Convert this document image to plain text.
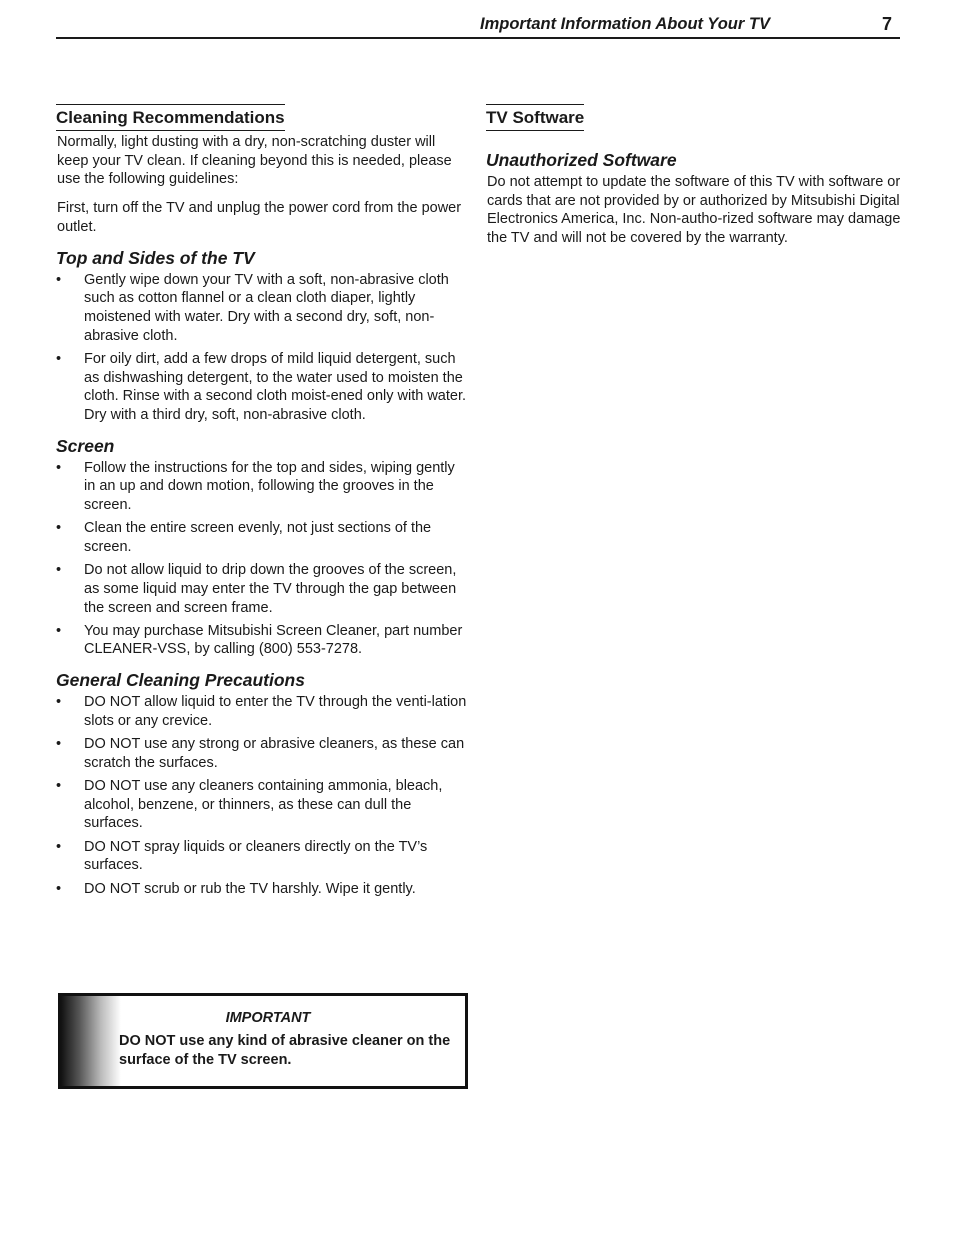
Important Information About Your TV	7
Cleaning Recommendations

Normally, light dusting with a dry, non-scratching duster will keep your TV clean. If cleaning beyond this is needed, please use the following guidelines:

First, turn off the TV and unplug the power cord from the power outlet.

Top and Sides of the TV
•	Gently wipe down your TV with a soft, non-abrasive cloth such as cotton flannel or a clean cloth diaper, lightly moistened with water. Dry with a second dry, soft, non-abrasive cloth.
•	For oily dirt, add a few drops of mild liquid detergent, such as dishwashing detergent, to the water used to moisten the cloth. Rinse with a second cloth moist-ened only with water. Dry with a third dry, soft, non-abrasive cloth.
Screen
•	Follow the instructions for the top and sides, wiping gently in an up and down motion, following the grooves in the screen.
•	Clean the entire screen evenly, not just sections of the screen.
•	Do not allow liquid to drip down the grooves of the screen, as some liquid may enter the TV through the gap between the screen and screen frame.
•	You may purchase Mitsubishi Screen Cleaner, part number CLEANER-VSS, by calling (800) 553-7278.
General Cleaning Precautions
•	DO NOT allow liquid to enter the TV through the venti-lation slots or any crevice.
•	DO NOT use any strong or abrasive cleaners, as these can scratch the surfaces.
•	DO NOT use any cleaners containing ammonia, bleach, alcohol, benzene, or thinners, as these can dull the surfaces.
•	DO NOT spray liquids or cleaners directly on the TV’s surfaces.
•	DO NOT scrub or rub the TV harshly. Wipe it gently.
IMPORTANT
DO NOT use any kind of abrasive cleaner on the surface of the TV screen.
TV Software
Unauthorized Software

Do not attempt to update the software of this TV with software or cards that are not provided by or authorized by Mitsubishi Digital Electronics America, Inc. Non-autho-rized software may damage the TV and will not be covered by the warranty.
